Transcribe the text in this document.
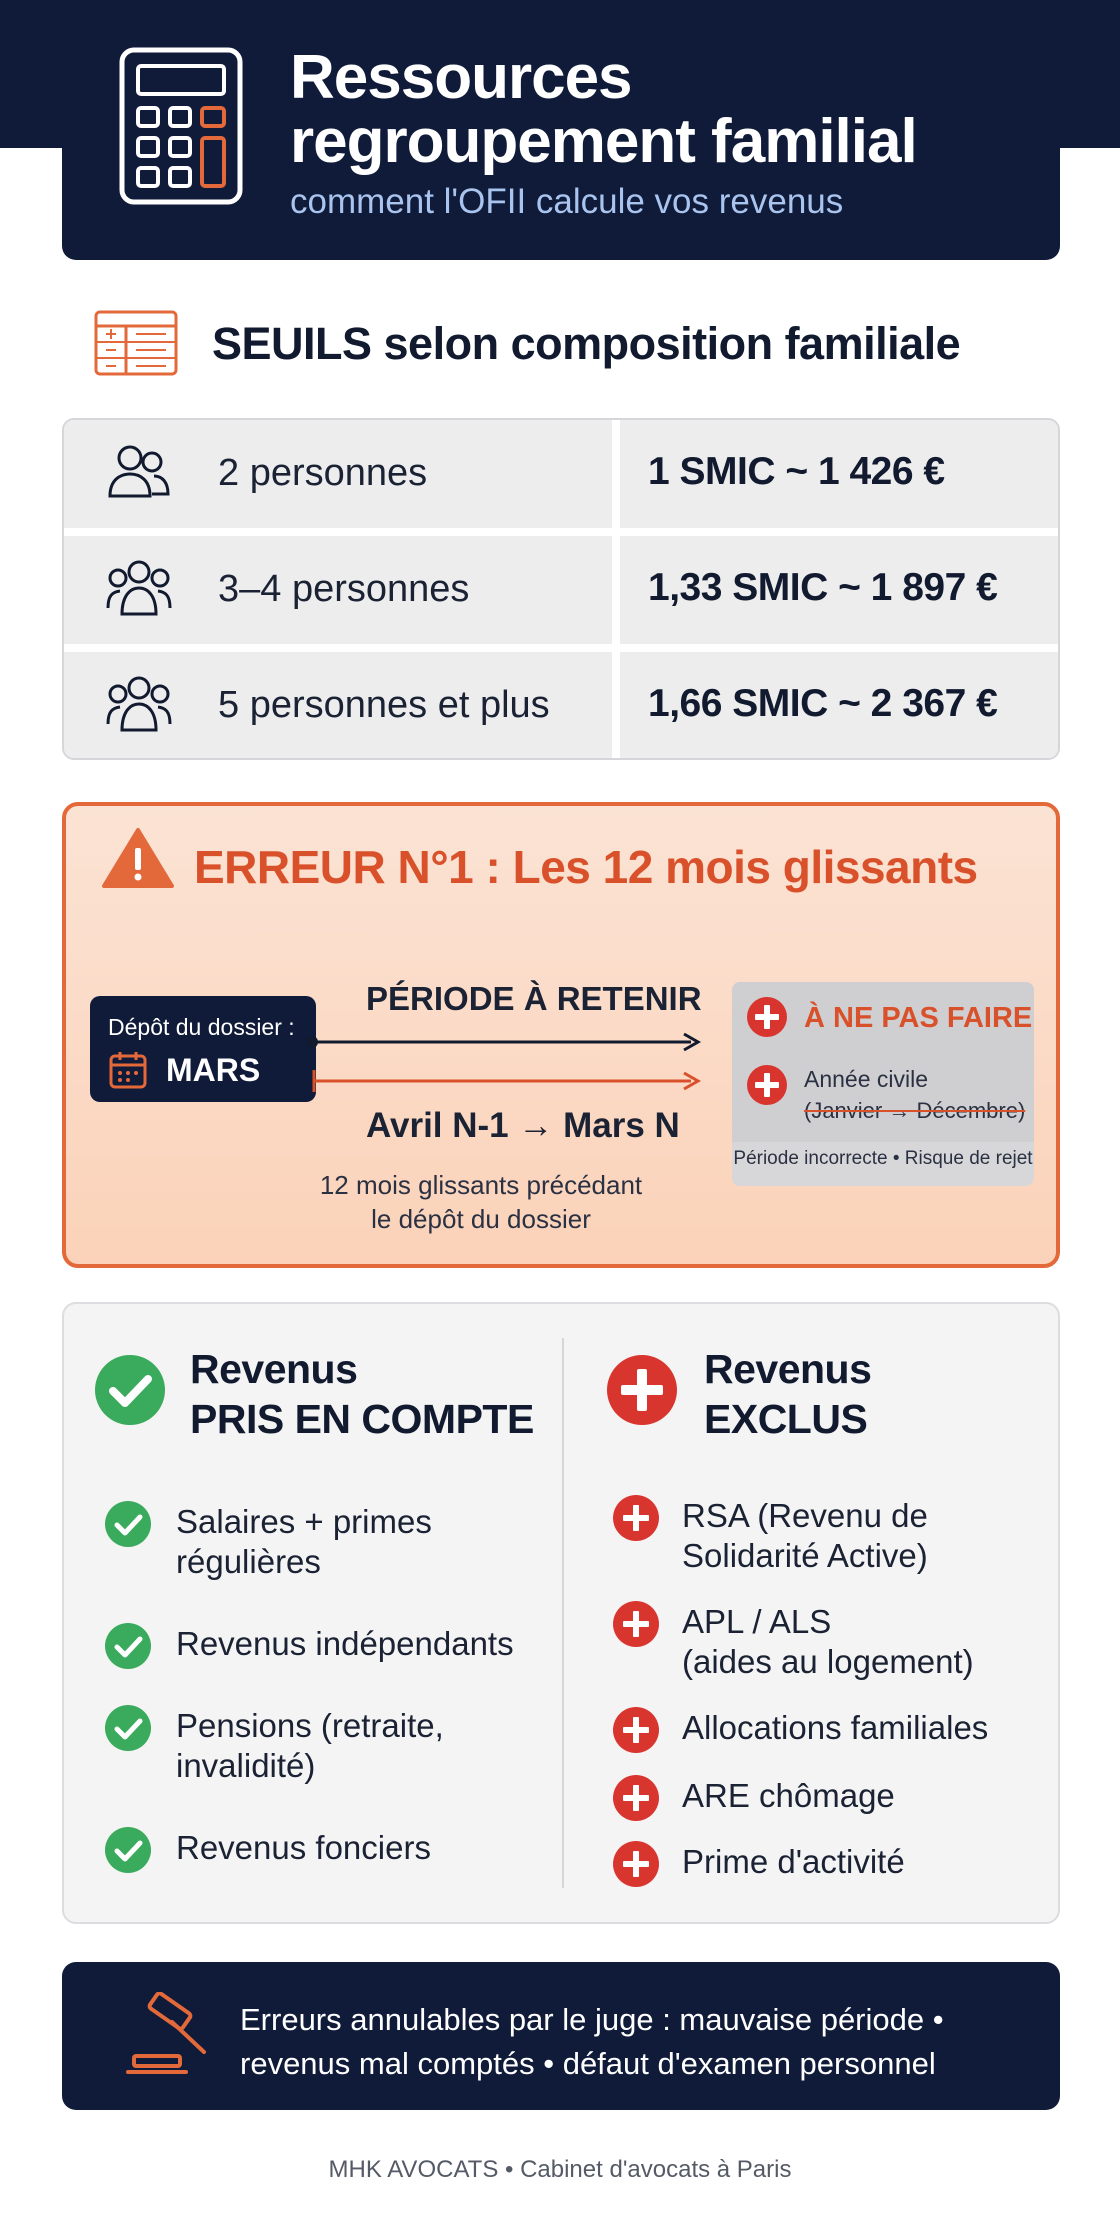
Ressources
regroupement familial
comment l'OFII calcule vos revenus
SEUILS selon composition familiale
2 personnes	1 SMIC ~ 1 426 €
3–4 personnes	1,33 SMIC ~ 1 897 €
5 personnes et plus	1,66 SMIC ~ 2 367 €
ERREUR N°1 : Les 12 mois glissants
Dépôt du dossier :
MARS
PÉRIODE À RETENIR
Avril N-1 → Mars N
12 mois glissants précédant le dépôt du dossier
À NE PAS FAIRE
Année civile
(Janvier → Décembre)
Période incorrecte • Risque de rejet
Revenus
PRIS EN COMPTE
Revenus
EXCLUS
Salaires + primes
régulières
Revenus indépendants
Pensions (retraite,
invalidité)
Revenus fonciers
RSA (Revenu de
Solidarité Active)
APL / ALS
(aides au logement)
Allocations familiales
ARE chômage
Prime d'activité
Erreurs annulables par le juge : mauvaise période •
revenus mal comptés • défaut d'examen personnel
MHK AVOCATS • Cabinet d'avocats à Paris
